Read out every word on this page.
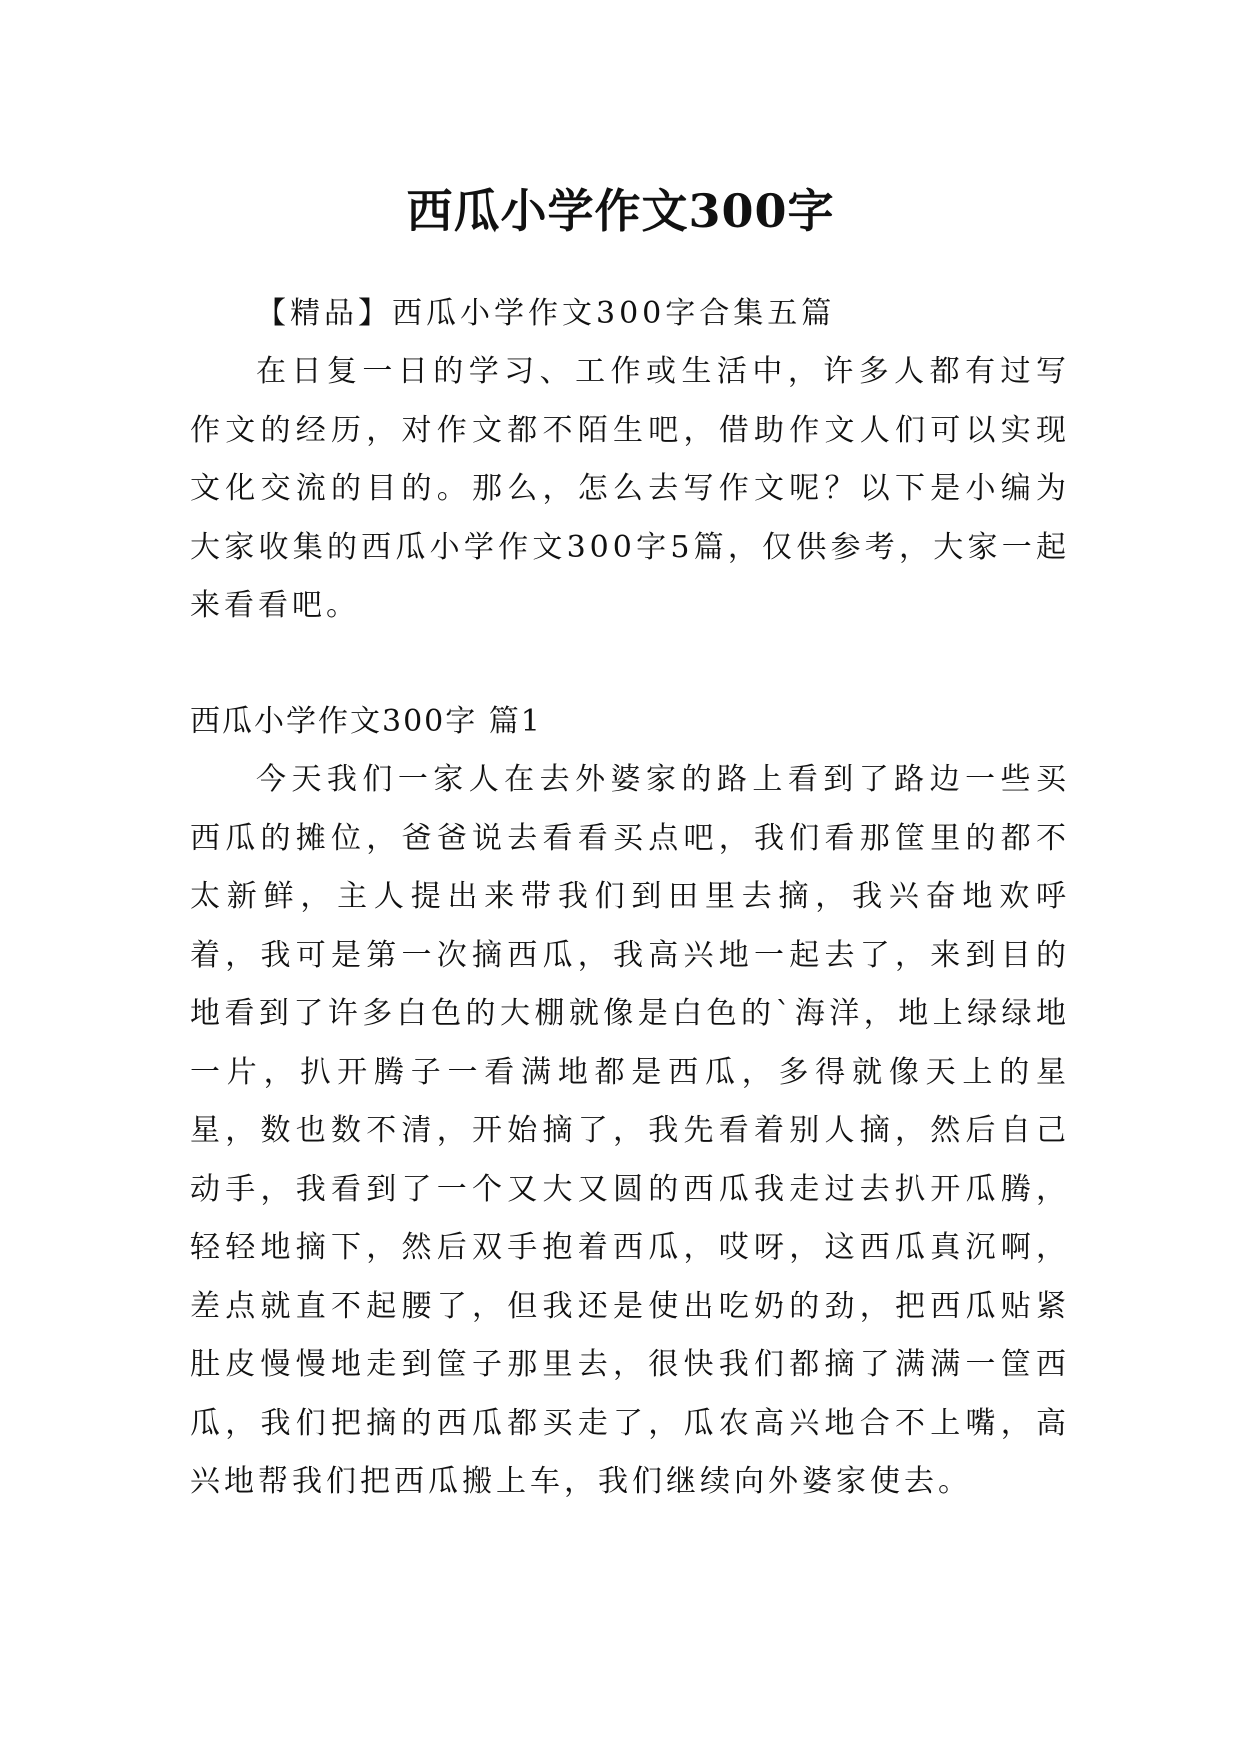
西瓜小学作文300字

【精品】西瓜小学作文300字合集五篇

在日复一日的学习、工作或生活中，许多人都有过写作文的经历，对作文都不陌生吧，借助作文人们可以实现文化交流的目的。那么，怎么去写作文呢？以下是小编为大家收集的西瓜小学作文300字5篇，仅供参考，大家一起来看看吧。

西瓜小学作文300字 篇1

今天我们一家人在去外婆家的路上看到了路边一些买西瓜的摊位，爸爸说去看看买点吧，我们看那筐里的都不太新鲜，主人提出来带我们到田里去摘，我兴奋地欢呼着，我可是第一次摘西瓜，我高兴地一起去了，来到目的地看到了许多白色的大棚就像是白色的`海洋，地上绿绿地一片，扒开腾子一看满地都是西瓜，多得就像天上的星星，数也数不清，开始摘了，我先看着别人摘，然后自己动手，我看到了一个又大又圆的西瓜我走过去扒开瓜腾，轻轻地摘下，然后双手抱着西瓜，哎呀，这西瓜真沉啊，差点就直不起腰了，但我还是使出吃奶的劲，把西瓜贴紧肚皮慢慢地走到筐子那里去，很快我们都摘了满满一筐西瓜，我们把摘的西瓜都买走了，瓜农高兴地合不上嘴，高兴地帮我们把西瓜搬上车，我们继续向外婆家使去。
